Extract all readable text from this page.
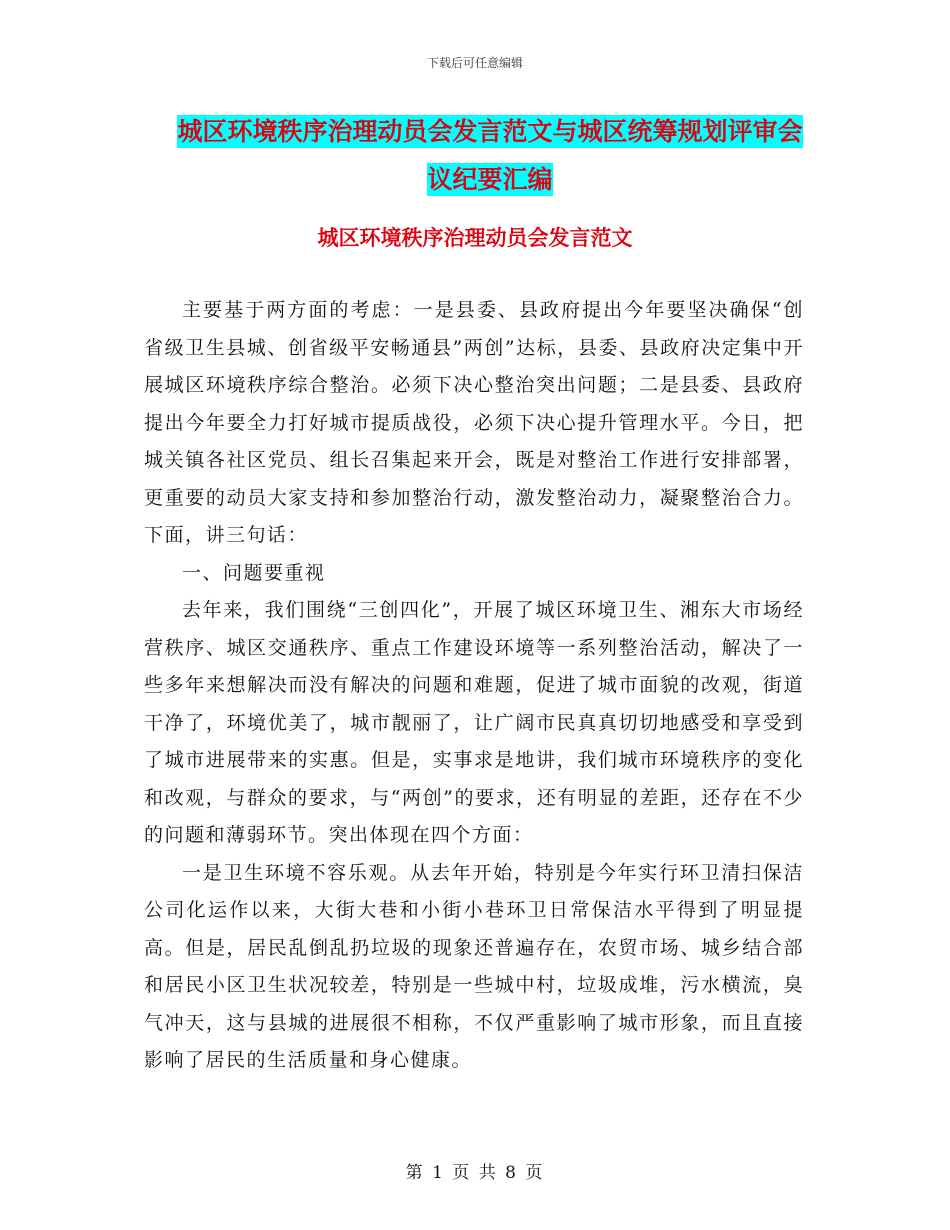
下载后可任意编辑
城区环境秩序治理动员会发言范文与城区统筹规划评审会议纪要汇编
城区环境秩序治理动员会发言范文

主要基于两方面的考虑：一是县委、县政府提出今年要坚决确保“创省级卫生县城、创省级平安畅通县”两创”达标，县委、县政府决定集中开展城区环境秩序综合整治。必须下决心整治突出问题；二是县委、县政府提出今年要全力打好城市提质战役，必须下决心提升管理水平。今日，把城关镇各社区党员、组长召集起来开会，既是对整治工作进行安排部署，更重要的动员大家支持和参加整治行动，激发整治动力，凝聚整治合力。下面，讲三句话：

一、问题要重视

去年来，我们围绕“三创四化”，开展了城区环境卫生、湘东大市场经营秩序、城区交通秩序、重点工作建设环境等一系列整治活动，解决了一些多年来想解决而没有解决的问题和难题，促进了城市面貌的改观，街道干净了，环境优美了，城市靓丽了，让广阔市民真真切切地感受和享受到了城市进展带来的实惠。但是，实事求是地讲，我们城市环境秩序的变化和改观，与群众的要求，与“两创”的要求，还有明显的差距，还存在不少的问题和薄弱环节。突出体现在四个方面：

一是卫生环境不容乐观。从去年开始，特别是今年实行环卫清扫保洁公司化运作以来，大街大巷和小街小巷环卫日常保洁水平得到了明显提高。但是，居民乱倒乱扔垃圾的现象还普遍存在，农贸市场、城乡结合部和居民小区卫生状况较差，特别是一些城中村，垃圾成堆，污水横流，臭气冲天，这与县城的进展很不相称，不仅严重影响了城市形象，而且直接影响了居民的生活质量和身心健康。

第 1 页 共 8 页
